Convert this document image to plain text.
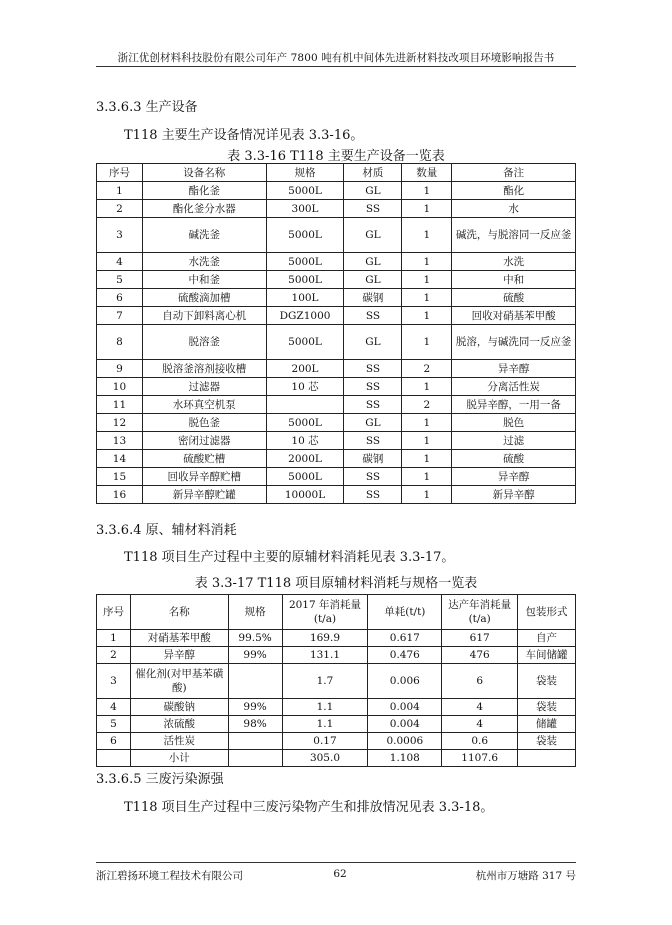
浙江优创材料科技股份有限公司年产 7800 吨有机中间体先进新材料技改项目环境影响报告书
3.3.6.3 生产设备
T118 主要生产设备情况详见表 3.3-16。
表 3.3-16 T118 主要生产设备一览表
序号	设备名称	规格	材质	数量	备注
1	酯化釜	5000L	GL	1	酯化
2	酯化釜分水器	300L	SS	1	水
3	碱洗釜	5000L	GL	1	碱洗，与脱溶同一反应釜
4	水洗釜	5000L	GL	1	水洗
5	中和釜	5000L	GL	1	中和
6	硫酸滴加槽	100L	碳钢	1	硫酸
7	自动下卸料离心机	DGZ1000	SS	1	回收对硝基苯甲酸
8	脱溶釜	5000L	GL	1	脱溶，与碱洗同一反应釜
9	脱溶釜溶剂接收槽	200L	SS	2	异辛醇
10	过滤器	10 芯	SS	1	分离活性炭
11	水环真空机泵		SS	2	脱异辛醇，一用一备
12	脱色釜	5000L	GL	1	脱色
13	密闭过滤器	10 芯	SS	1	过滤
14	硫酸贮槽	2000L	碳钢	1	硫酸
15	回收异辛醇贮槽	5000L	SS	1	异辛醇
16	新异辛醇贮罐	10000L	SS	1	新异辛醇
3.3.6.4 原、辅材料消耗
T118 项目生产过程中主要的原辅材料消耗见表 3.3-17。
表 3.3-17 T118 项目原辅材料消耗与规格一览表
序号	名称	规格	2017 年消耗量(t/a)	单耗(t/t)	达产年消耗量(t/a)	包装形式
1	对硝基苯甲酸	99.5%	169.9	0.617	617	自产
2	异辛醇	99%	131.1	0.476	476	车间储罐
3	催化剂(对甲基苯磺酸)		1.7	0.006	6	袋装
4	碳酸钠	99%	1.1	0.004	4	袋装
5	浓硫酸	98%	1.1	0.004	4	储罐
6	活性炭		0.17	0.0006	0.6	袋装
	小计		305.0	1.108	1107.6	
3.3.6.5 三废污染源强
T118 项目生产过程中三废污染物产生和排放情况见表 3.3-18。
浙江碧扬环境工程技术有限公司	62	杭州市万塘路 317 号
